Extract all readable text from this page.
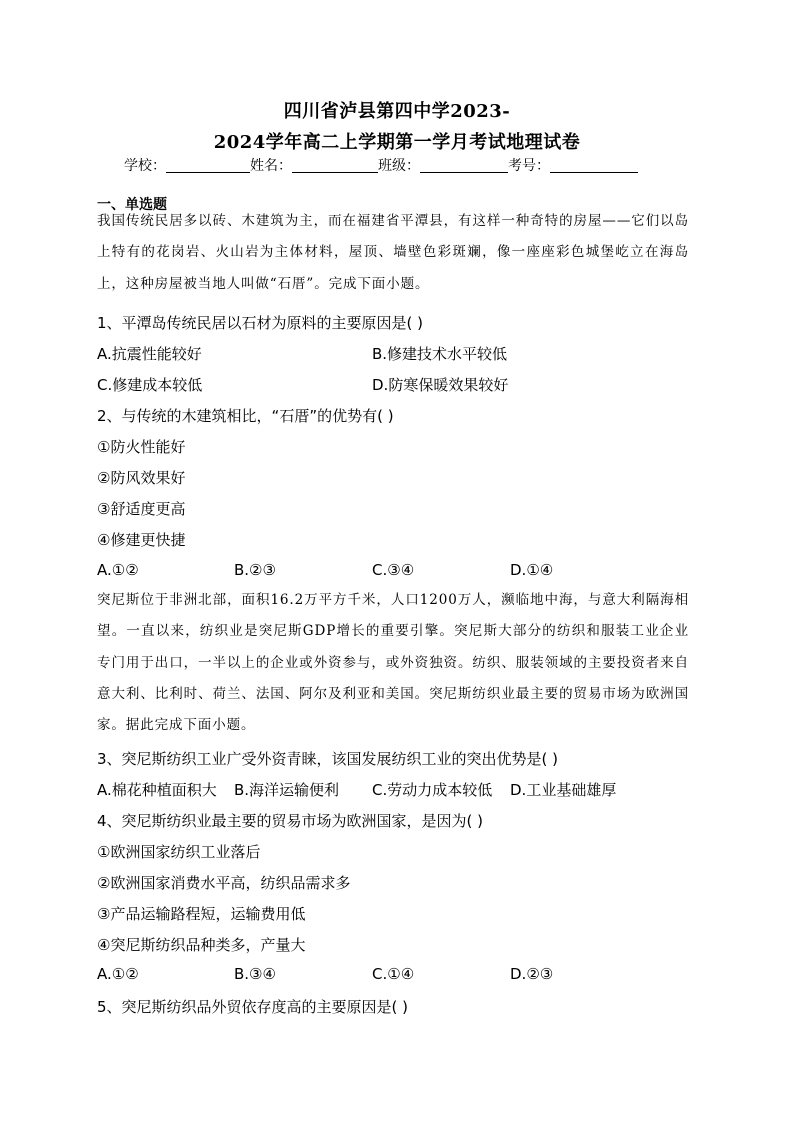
四川省泸县第四中学2023-
2024学年高二上学期第一学月考试地理试卷
学校：	姓名：	班级：	考号：
一、单选题
我国传统民居多以砖、木建筑为主，而在福建省平潭县，有这样一种奇特的房屋——它们以岛上特有的花岗岩、火山岩为主体材料，屋顶、墙壁色彩斑斓，像一座座彩色城堡屹立在海岛上，这种房屋被当地人叫做“石厝”。完成下面小题。
1、平潭岛传统民居以石材为原料的主要原因是( )
A.抗震性能较好	B.修建技术水平较低
C.修建成本较低	D.防寒保暖效果较好
2、与传统的木建筑相比，“石厝”的优势有( )
①防火性能好
②防风效果好
③舒适度更高
④修建更快捷
A.①②	B.②③	C.③④	D.①④
突尼斯位于非洲北部，面积16.2万平方千米，人口1200万人，濒临地中海，与意大利隔海相望。一直以来，纺织业是突尼斯GDP增长的重要引擎。突尼斯大部分的纺织和服装工业企业专门用于出口，一半以上的企业或外资参与，或外资独资。纺织、服装领域的主要投资者来自意大利、比利时、荷兰、法国、阿尔及利亚和美国。突尼斯纺织业最主要的贸易市场为欧洲国家。据此完成下面小题。
3、突尼斯纺织工业广受外资青睐，该国发展纺织工业的突出优势是( )
A.棉花种植面积大 B.海洋运输便利 C.劳动力成本较低 D.工业基础雄厚
4、突尼斯纺织业最主要的贸易市场为欧洲国家，是因为( )
①欧洲国家纺织工业落后
②欧洲国家消费水平高，纺织品需求多
③产品运输路程短，运输费用低
④突尼斯纺织品种类多，产量大
A.①②	B.③④	C.①④	D.②③
5、突尼斯纺织品外贸依存度高的主要原因是( )
